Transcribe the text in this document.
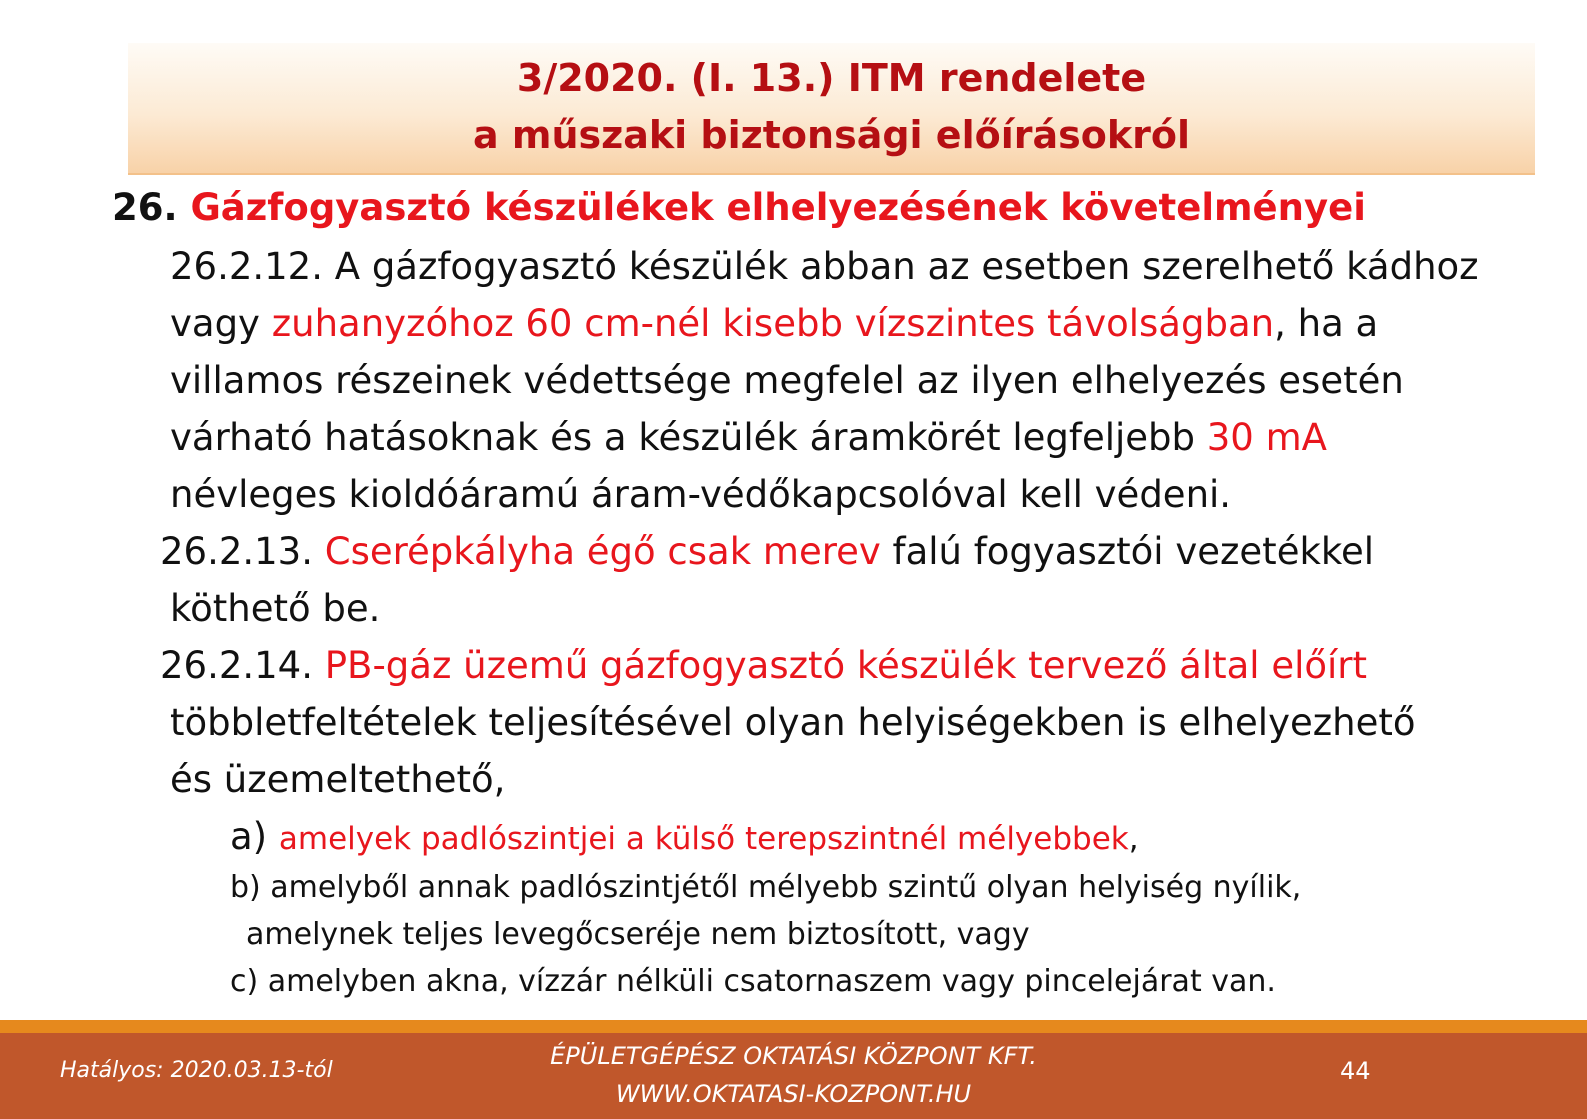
3/2020. (I. 13.) ITM rendelete
a műszaki biztonsági előírásokról
26. Gázfogyasztó készülékek elhelyezésének követelményei
26.2.12. A gázfogyasztó készülék abban az esetben szerelhető kádhoz
vagy zuhanyzóhoz 60 cm-nél kisebb vízszintes távolságban, ha a
villamos részeinek védettsége megfelel az ilyen elhelyezés esetén
várható hatásoknak és a készülék áramkörét legfeljebb 30 mA
névleges kioldóáramú áram-védőkapcsolóval kell védeni.
26.2.13. Cserépkályha égő csak merev falú fogyasztói vezetékkel
köthető be.
26.2.14. PB-gáz üzemű gázfogyasztó készülék tervező által előírt
többletfeltételek teljesítésével olyan helyiségekben is elhelyezhető
és üzemeltethető,
a) amelyek padlószintjei a külső terepszintnél mélyebbek,
b) amelyből annak padlószintjétől mélyebb szintű olyan helyiség nyílik,
amelynek teljes levegőcseréje nem biztosított, vagy
c) amelyben akna, vízzár nélküli csatornaszem vagy pincelejárat van.
Hatályos: 2020.03.13-tól
ÉPÜLETGÉPÉSZ OKTATÁSI KÖZPONT KFT.
WWW.OKTATASI-KOZPONT.HU
44
